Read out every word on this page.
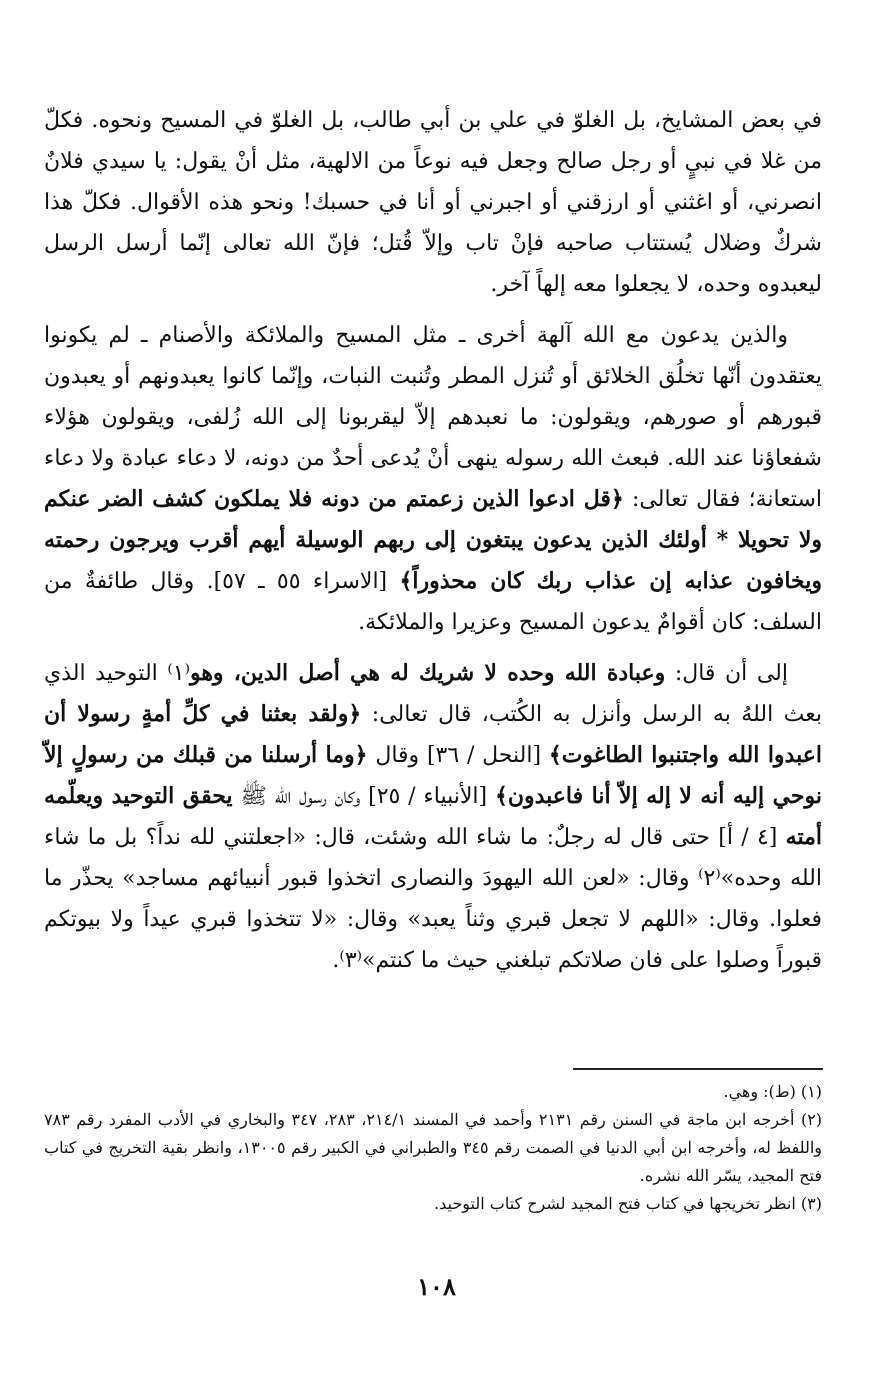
في بعض المشايخ، بل الغلوّ في علي بن أبي طالب، بل الغلوّ في المسيح ونحوه. فكلّ من غلا في نبيٍ أو رجل صالح وجعل فيه نوعاً من الالهية، مثل أنْ يقول: يا سيدي فلانٌ انصرني، أو اغثني أو ارزقني أو اجبرني أو أنا في حسبك! ونحو هذه الأقوال. فكلّ هذا شركٌ وضلال يُستتاب صاحبه فإنْ تاب وإلاّ قُتل؛ فإنّ الله تعالى إنّما أرسل الرسل ليعبدوه وحده، لا يجعلوا معه إلهاً آخر.

والذين يدعون مع الله آلهة أخرى ـ مثل المسيح والملائكة والأصنام ـ لم يكونوا يعتقدون أنّها تخلُق الخلائق أو تُنزل المطر وتُنبت النبات، وإنّما كانوا يعبدونهم أو يعبدون قبورهم أو صورهم، ويقولون: ما نعبدهم إلاّ ليقربونا إلى الله زُلفى، ويقولون هؤلاء شفعاؤنا عند الله. فبعث الله رسوله ينهى أنْ يُدعى أحدٌ من دونه، لا دعاء عبادة ولا دعاء استعانة؛ فقال تعالى: ﴿قل ادعوا الذين زعمتم من دونه فلا يملكون كشف الضر عنكم ولا تحويلا * أولئك الذين يدعون يبتغون إلى ربهم الوسيلة أيهم أقرب ويرجون رحمته ويخافون عذابه إن عذاب ربك كان محذوراً﴾ [الاسراء ٥٥ ـ ٥٧]. وقال طائفةٌ من السلف: كان أقوامٌ يدعون المسيح وعزيرا والملائكة.

إلى أن قال: وعبادة الله وحده لا شريك له هي أصل الدين، وهو⁽١⁾ التوحيد الذي بعث اللهُ به الرسل وأنزل به الكُتب، قال تعالى: ﴿ولقد بعثنا في كلِّ أمةٍ رسولا أن اعبدوا الله واجتنبوا الطاغوت﴾ [النحل / ٣٦] وقال ﴿وما أرسلنا من قبلك من رسولٍ إلاّ نوحي إليه أنه لا إله إلاّ أنا فاعبدون﴾ [الأنبياء / ٢٥] وكان رسول الله ﷺ يحقق التوحيد ويعلّمه أمته [٤ / أ] حتى قال له رجلٌ: ما شاء الله وشئت، قال: «اجعلتني لله نداً؟ بل ما شاء الله وحده»⁽٢⁾ وقال: «لعن الله اليهودَ والنصارى اتخذوا قبور أنبيائهم مساجد» يحذّر ما فعلوا. وقال: «اللهم لا تجعل قبري وثناً يعبد» وقال: «لا تتخذوا قبري عيداً ولا بيوتكم قبوراً وصلوا على فان صلاتكم تبلغني حيث ما كنتم»⁽٣⁾.

(١) (ط): وهي.

(٢) أخرجه ابن ماجة في السنن رقم ٢١٣١ وأحمد في المسند ٢١٤/١، ٢٨٣، ٣٤٧ والبخاري في الأدب المفرد رقم ٧٨٣ واللفظ له، وأخرجه ابن أبي الدنيا في الصمت رقم ٣٤٥ والطبراني في الكبير رقم ١٣٠٠٥، وانظر بقية التخريج في كتاب فتح المجيد، يسّر الله نشره.

(٣) انظر تخريجها في كتاب فتح المجيد لشرح كتاب التوحيد.

١٠٨
